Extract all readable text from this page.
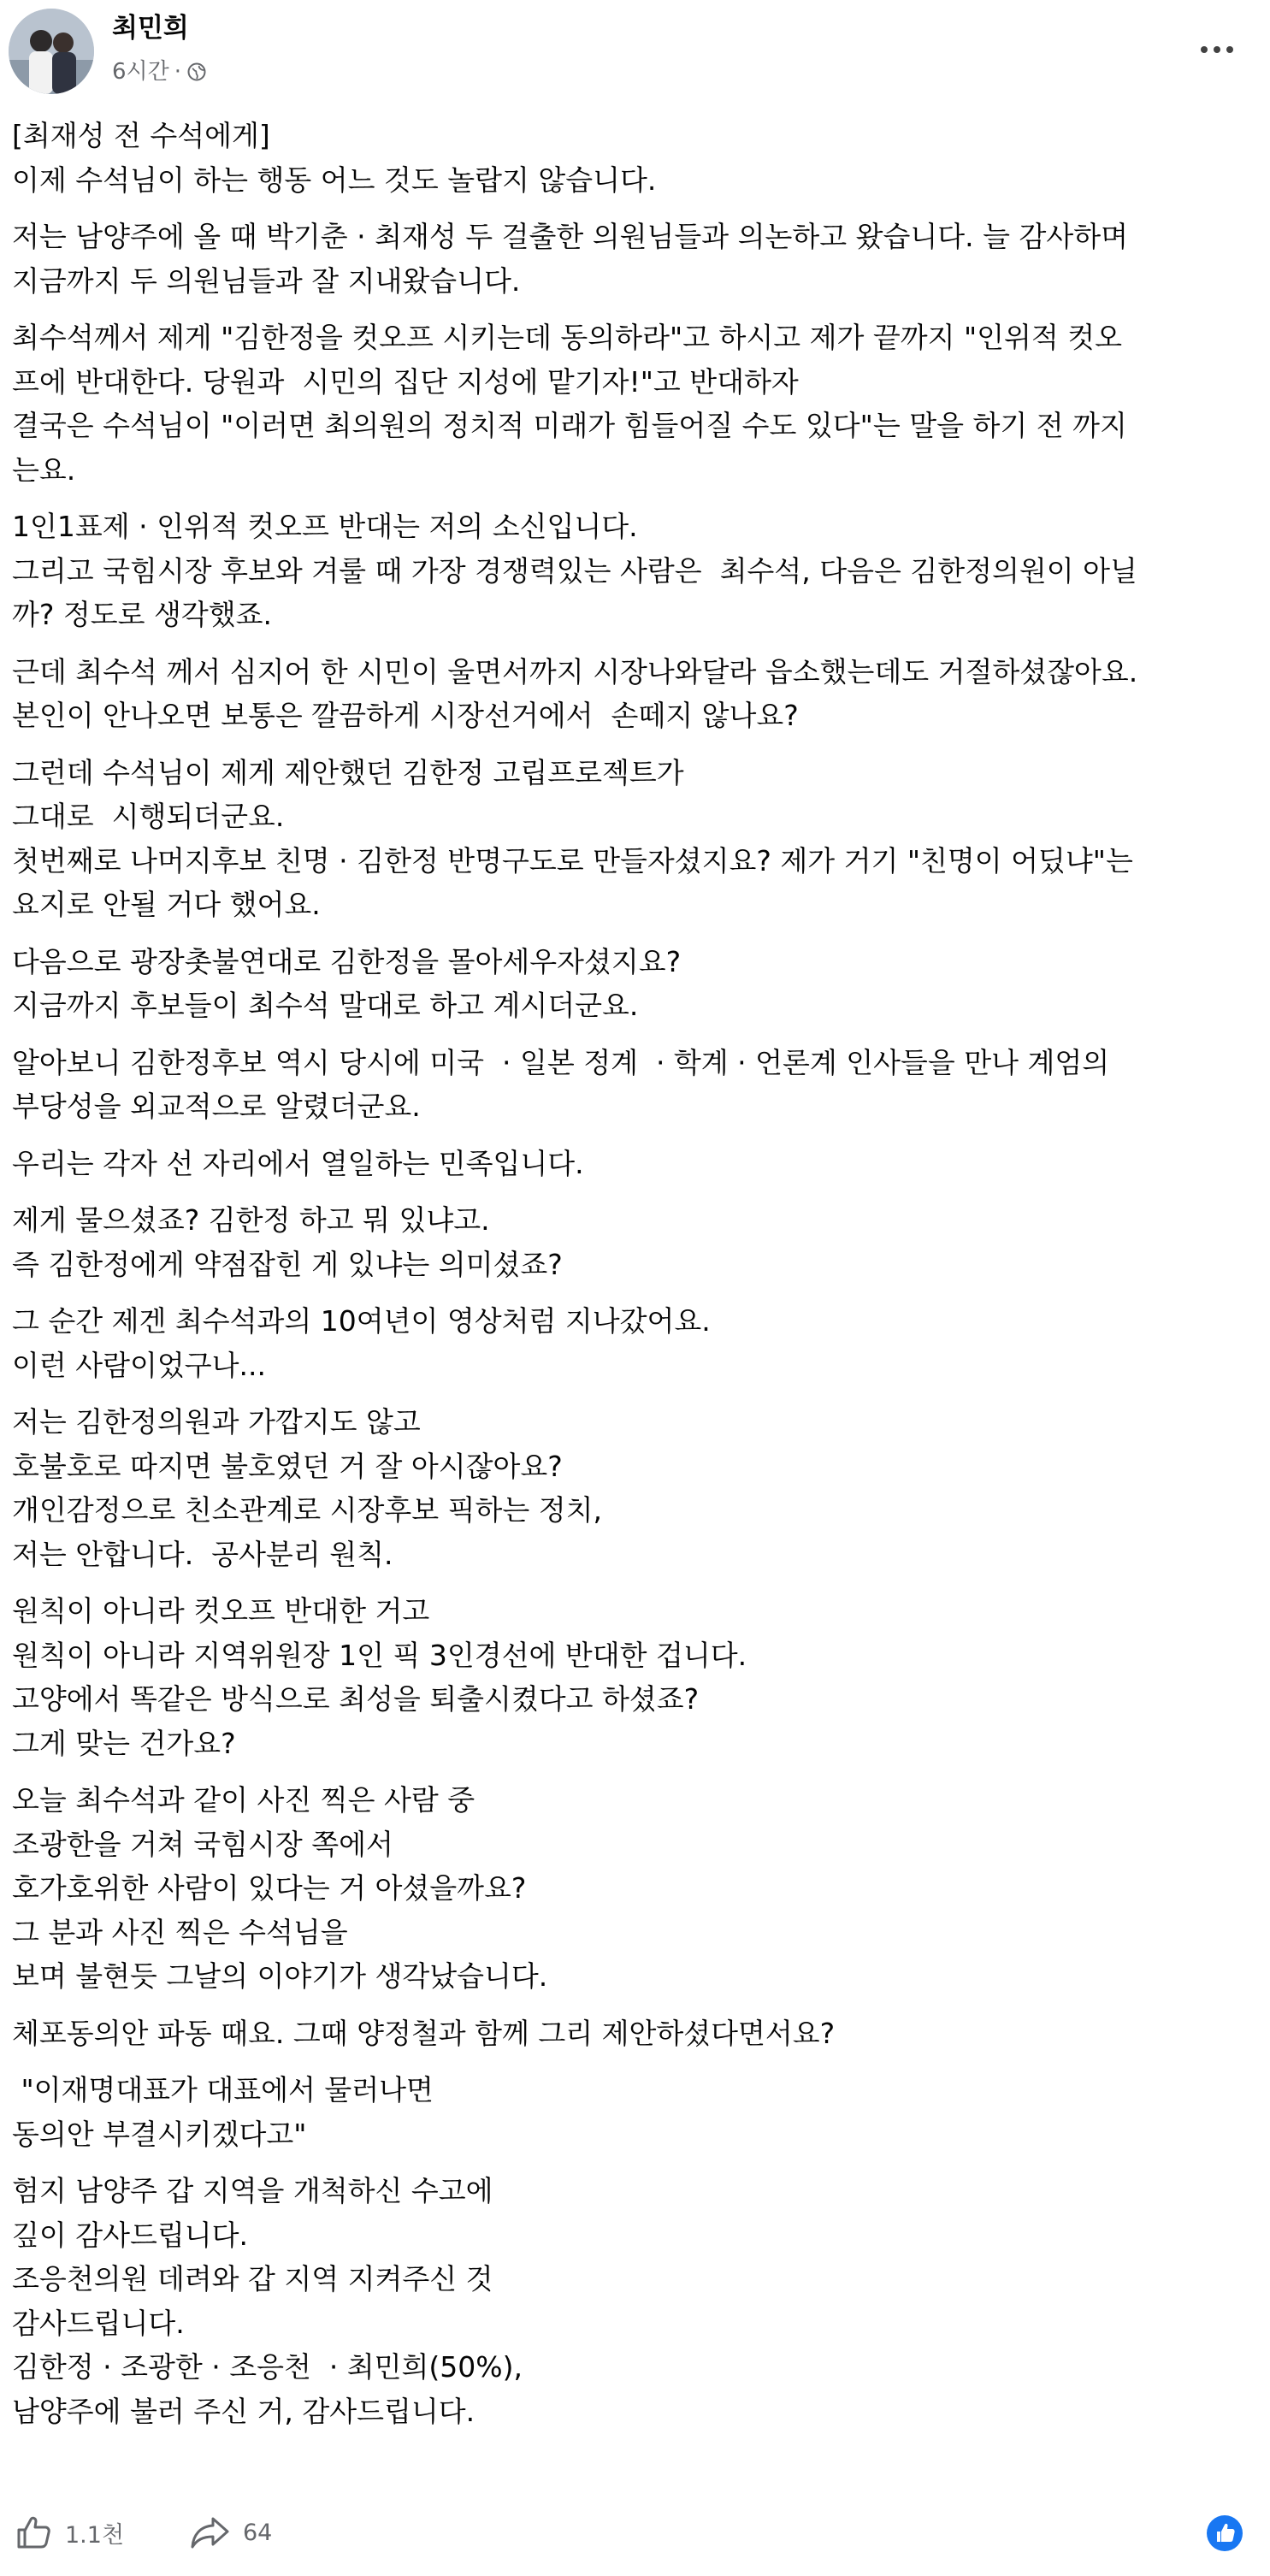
최민희
6시간 ·
[최재성 전 수석에게]
이제 수석님이 하는 행동 어느 것도 놀랍지 않습니다.
저는 남양주에 올 때 박기춘 · 최재성 두 걸출한 의원님들과 의논하고 왔습니다. 늘 감사하며
지금까지 두 의원님들과 잘 지내왔습니다.
최수석께서 제게 "김한정을 컷오프 시키는데 동의하라"고 하시고 제가 끝까지 "인위적 컷오
프에 반대한다. 당원과  시민의 집단 지성에 맡기자!"고 반대하자
결국은 수석님이 "이러면 최의원의 정치적 미래가 힘들어질 수도 있다"는 말을 하기 전 까지
는요.
1인1표제 · 인위적 컷오프 반대는 저의 소신입니다.
그리고 국힘시장 후보와 겨룰 때 가장 경쟁력있는 사람은  최수석, 다음은 김한정의원이 아닐
까? 정도로 생각했죠.
근데 최수석 께서 심지어 한 시민이 울면서까지 시장나와달라 읍소했는데도 거절하셨잖아요.
본인이 안나오면 보통은 깔끔하게 시장선거에서  손떼지 않나요?
그런데 수석님이 제게 제안했던 김한정 고립프로젝트가
그대로  시행되더군요.
첫번째로 나머지후보 친명 · 김한정 반명구도로 만들자셨지요? 제가 거기 "친명이 어딨냐"는
요지로 안될 거다 했어요.
다음으로 광장촛불연대로 김한정을 몰아세우자셨지요?
지금까지 후보들이 최수석 말대로 하고 계시더군요.
알아보니 김한정후보 역시 당시에 미국  · 일본 정계  · 학계 · 언론계 인사들을 만나 계엄의
부당성을 외교적으로 알렸더군요.
우리는 각자 선 자리에서 열일하는 민족입니다.
제게 물으셨죠? 김한정 하고 뭐 있냐고.
즉 김한정에게 약점잡힌 게 있냐는 의미셨죠?
그 순간 제겐 최수석과의 10여년이 영상처럼 지나갔어요.
이런 사람이었구나...
저는 김한정의원과 가깝지도 않고
호불호로 따지면 불호였던 거 잘 아시잖아요?
개인감정으로 친소관계로 시장후보 픽하는 정치,
저는 안합니다.  공사분리 원칙.
원칙이 아니라 컷오프 반대한 거고
원칙이 아니라 지역위원장 1인 픽 3인경선에 반대한 겁니다.
고양에서 똑같은 방식으로 최성을 퇴출시켰다고 하셨죠?
그게 맞는 건가요?
오늘 최수석과 같이 사진 찍은 사람 중
조광한을 거쳐 국힘시장 쪽에서
호가호위한 사람이 있다는 거 아셨을까요?
그 분과 사진 찍은 수석님을
보며 불현듯 그날의 이야기가 생각났습니다.
체포동의안 파동 때요. 그때 양정철과 함께 그리 제안하셨다면서요?
"이재명대표가 대표에서 물러나면
동의안 부결시키겠다고"
험지 남양주 갑 지역을 개척하신 수고에
깊이 감사드립니다.
조응천의원 데려와 갑 지역 지켜주신 것
감사드립니다.
김한정 · 조광한 · 조응천  · 최민희(50%),
남양주에 불러 주신 거, 감사드립니다.
1.1천	64
